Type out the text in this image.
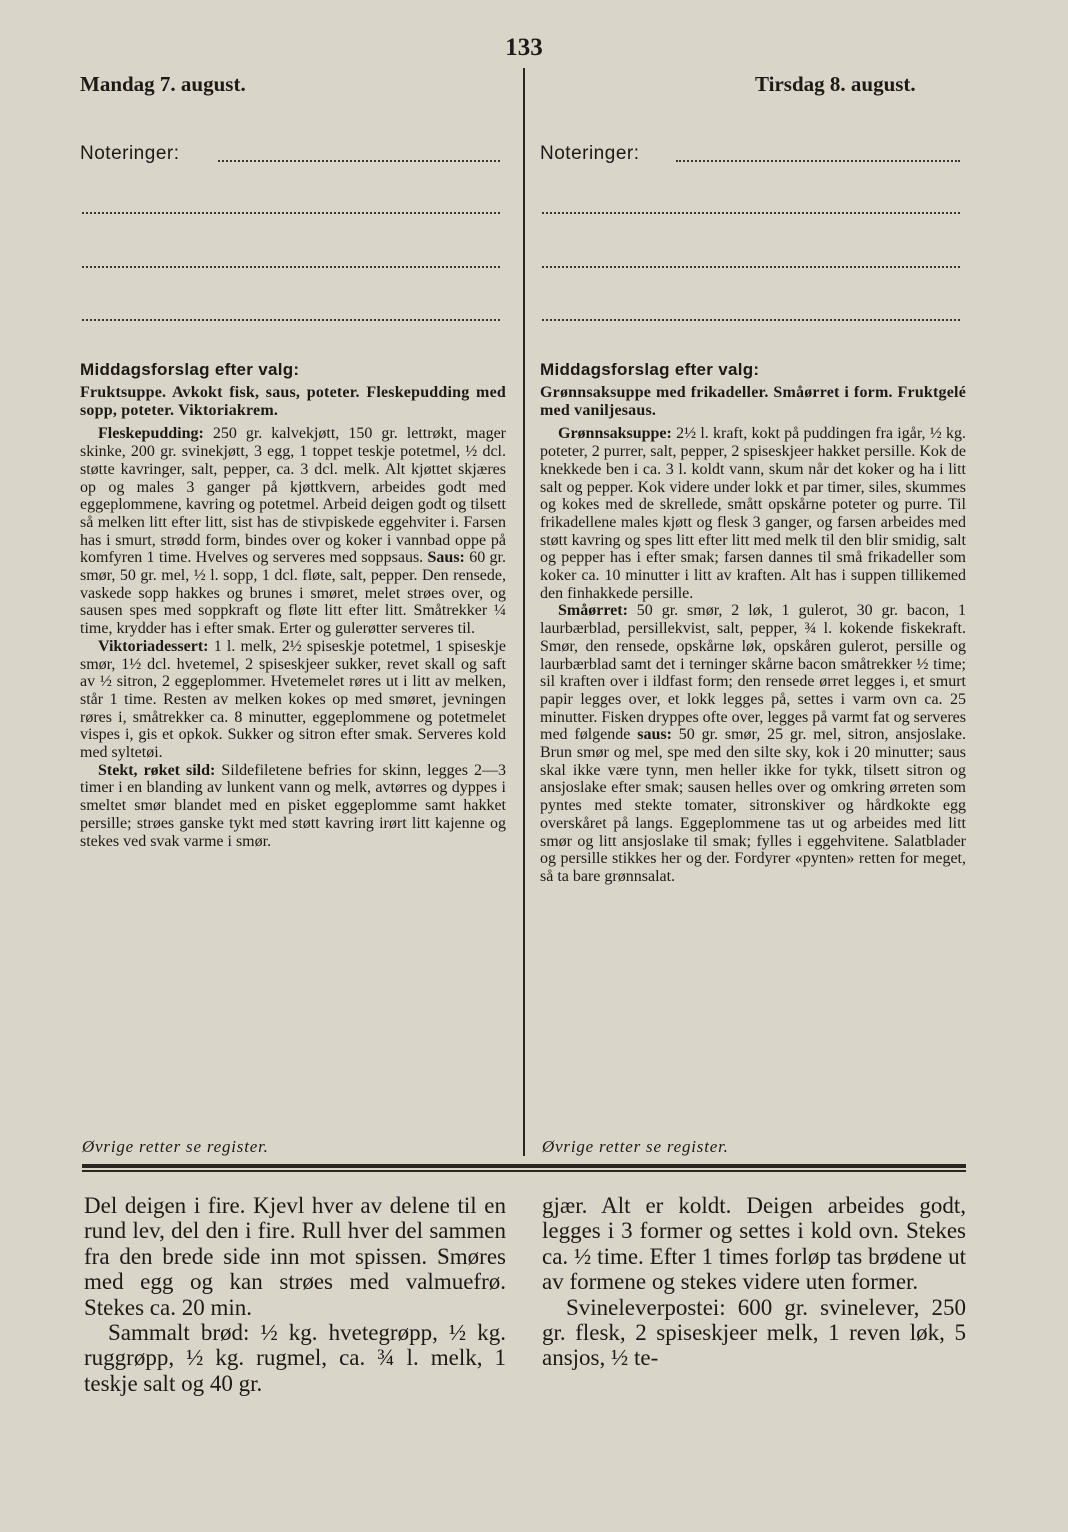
133
Mandag 7. august.
Noteringer:
Middagsforslag efter valg:

Fruktsuppe. Avkokt fisk, saus, poteter. Fleskepudding med sopp, poteter. Viktoriakrem.

Fleskepudding: 250 gr. kalvekjøtt, 150 gr. lettrøkt, mager skinke, 200 gr. svinekjøtt, 3 egg, 1 toppet teskje potetmel, ½ dcl. støtte kavringer, salt, pepper, ca. 3 dcl. melk. Alt kjøttet skjæres op og males 3 ganger på kjøttkvern, arbeides godt med eggeplommene, kavring og potetmel. Arbeid deigen godt og tilsett så melken litt efter litt, sist has de stivpiskede eggehviter i. Farsen has i smurt, strødd form, bindes over og koker i vannbad oppe på komfyren 1 time. Hvelves og serveres med soppsaus. Saus: 60 gr. smør, 50 gr. mel, ½ l. sopp, 1 dcl. fløte, salt, pepper. Den rensede, vaskede sopp hakkes og brunes i smøret, melet strøes over, og sausen spes med soppkraft og fløte litt efter litt. Småtrekker ¼ time, krydder has i efter smak. Erter og gulerøtter serveres til.

Viktoriadessert: 1 l. melk, 2½ spiseskje potetmel, 1 spiseskje smør, 1½ dcl. hvetemel, 2 spiseskjeer sukker, revet skall og saft av ½ sitron, 2 eggeplommer. Hvetemelet røres ut i litt av melken, står 1 time. Resten av melken kokes op med smøret, jevningen røres i, småtrekker ca. 8 minutter, eggeplommene og potetmelet vispes i, gis et opkok. Sukker og sitron efter smak. Serveres kold med syltetøi.

Stekt, røket sild: Sildefiletene befries for skinn, legges 2—3 timer i en blanding av lunkent vann og melk, avtørres og dyppes i smeltet smør blandet med en pisket eggeplomme samt hakket persille; strøes ganske tykt med støtt kavring irørt litt kajenne og stekes ved svak varme i smør.

Øvrige retter se register.
Tirsdag 8. august.
Noteringer:
Middagsforslag efter valg:

Grønnsaksuppe med frikadeller. Småørret i form. Fruktgelé med vaniljesaus.

Grønnsaksuppe: 2½ l. kraft, kokt på puddingen fra igår, ½ kg. poteter, 2 purrer, salt, pepper, 2 spiseskjeer hakket persille. Kok de knekkede ben i ca. 3 l. koldt vann, skum når det koker og ha i litt salt og pepper. Kok videre under lokk et par timer, siles, skummes og kokes med de skrellede, smått opskårne poteter og purre. Til frikadellene males kjøtt og flesk 3 ganger, og farsen arbeides med støtt kavring og spes litt efter litt med melk til den blir smidig, salt og pepper has i efter smak; farsen dannes til små frikadeller som koker ca. 10 minutter i litt av kraften. Alt has i suppen tillikemed den finhakkede persille.

Småørret: 50 gr. smør, 2 løk, 1 gulerot, 30 gr. bacon, 1 laurbærblad, persillekvist, salt, pepper, ¾ l. kokende fiskekraft. Smør, den rensede, opskårne løk, opskåren gulerot, persille og laurbærblad samt det i terninger skårne bacon småtrekker ½ time; sil kraften over i ildfast form; den rensede ørret legges i, et smurt papir legges over, et lokk legges på, settes i varm ovn ca. 25 minutter. Fisken dryppes ofte over, legges på varmt fat og serveres med følgende saus: 50 gr. smør, 25 gr. mel, sitron, ansjoslake. Brun smør og mel, spe med den silte sky, kok i 20 minutter; saus skal ikke være tynn, men heller ikke for tykk, tilsett sitron og ansjoslake efter smak; sausen helles over og omkring ørreten som pyntes med stekte tomater, sitronskiver og hårdkokte egg overskåret på langs. Eggeplommene tas ut og arbeides med litt smør og litt ansjoslake til smak; fylles i eggehvitene. Salatblader og persille stikkes her og der. Fordyrer «pynten» retten for meget, så ta bare grønnsalat.

Øvrige retter se register.

Del deigen i fire. Kjevl hver av delene til en rund lev, del den i fire. Rull hver del sammen fra den brede side inn mot spissen. Smøres med egg og kan strøes med valmuefrø. Stekes ca. 20 min.

Sammalt brød: ½ kg. hvetegrøpp, ½ kg. ruggrøpp, ½ kg. rugmel, ca. ¾ l. melk, 1 teskje salt og 40 gr.

gjær. Alt er koldt. Deigen arbeides godt, legges i 3 former og settes i kold ovn. Stekes ca. ½ time. Efter 1 times forløp tas brødene ut av formene og stekes videre uten former.

Svineleverpostei: 600 gr. svinelever, 250 gr. flesk, 2 spiseskjeer melk, 1 reven løk, 5 ansjos, ½ te-
